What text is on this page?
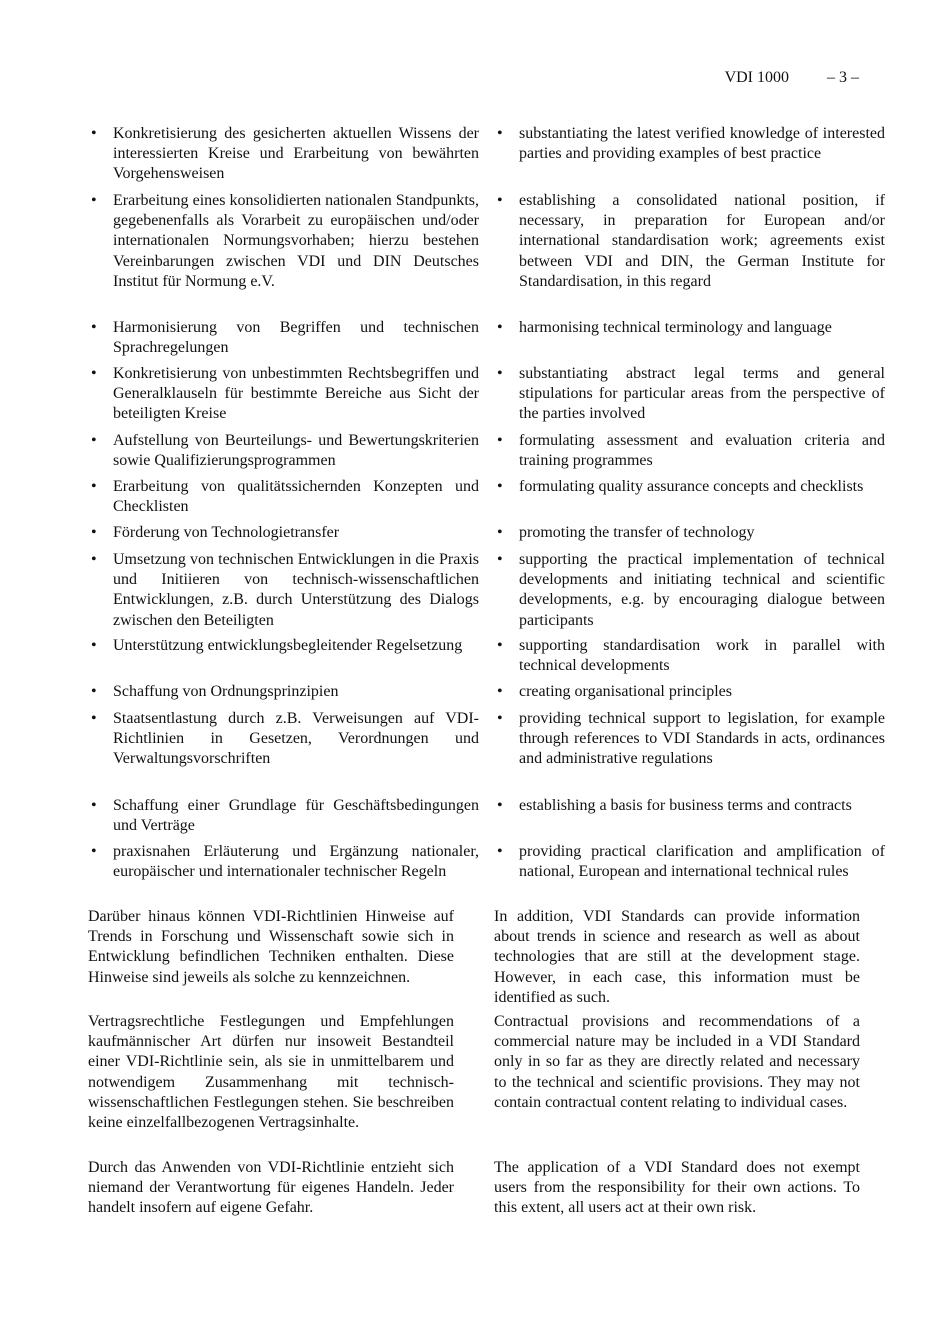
VDI 1000 – 3 –
• Konkretisierung des gesicherten aktuellen Wissens der interessierten Kreise und Erarbeitung von bewährten Vorgehensweisen
• Erarbeitung eines konsolidierten nationalen Standpunkts, gegebenenfalls als Vorarbeit zu europäischen und/oder internationalen Normungsvorhaben; hierzu bestehen Vereinbarungen zwischen VDI und DIN Deutsches Institut für Normung e.V.
• Harmonisierung von Begriffen und technischen Sprachregelungen
• Konkretisierung von unbestimmten Rechtsbegriffen und Generalklauseln für bestimmte Bereiche aus Sicht der beteiligten Kreise
• Aufstellung von Beurteilungs- und Bewertungskriterien sowie Qualifizierungsprogrammen
• Erarbeitung von qualitätssichernden Konzepten und Checklisten
• Förderung von Technologietransfer
• Umsetzung von technischen Entwicklungen in die Praxis und Initiieren von technisch-wissenschaftlichen Entwicklungen, z.B. durch Unterstützung des Dialogs zwischen den Beteiligten
• Unterstützung entwicklungsbegleitender Regelsetzung
• Schaffung von Ordnungsprinzipien
• Staatsentlastung durch z.B. Verweisungen auf VDI-Richtlinien in Gesetzen, Verordnungen und Verwaltungsvorschriften
• Schaffung einer Grundlage für Geschäftsbedingungen und Verträge
• praxisnahen Erläuterung und Ergänzung nationaler, europäischer und internationaler technischer Regeln
Darüber hinaus können VDI-Richtlinien Hinweise auf Trends in Forschung und Wissenschaft sowie sich in Entwicklung befindlichen Techniken enthalten. Diese Hinweise sind jeweils als solche zu kennzeichnen.
Vertragsrechtliche Festlegungen und Empfehlungen kaufmännischer Art dürfen nur insoweit Bestandteil einer VDI-Richtlinie sein, als sie in unmittelbarem und notwendigem Zusammenhang mit technisch-wissenschaftlichen Festlegungen stehen. Sie beschreiben keine einzelfallbezogenen Vertragsinhalte.
Durch das Anwenden von VDI-Richtlinie entzieht sich niemand der Verantwortung für eigenes Handeln. Jeder handelt insofern auf eigene Gefahr.
• substantiating the latest verified knowledge of interested parties and providing examples of best practice
• establishing a consolidated national position, if necessary, in preparation for European and/or international standardisation work; agreements exist between VDI and DIN, the German Institute for Standardisation, in this regard
• harmonising technical terminology and language
• substantiating abstract legal terms and general stipulations for particular areas from the perspective of the parties involved
• formulating assessment and evaluation criteria and training programmes
• formulating quality assurance concepts and checklists
• promoting the transfer of technology
• supporting the practical implementation of technical developments and initiating technical and scientific developments, e.g. by encouraging dialogue between participants
• supporting standardisation work in parallel with technical developments
• creating organisational principles
• providing technical support to legislation, for example through references to VDI Standards in acts, ordinances and administrative regulations
• establishing a basis for business terms and contracts
• providing practical clarification and amplification of national, European and international technical rules
In addition, VDI Standards can provide information about trends in science and research as well as about technologies that are still at the development stage. However, in each case, this information must be identified as such.
Contractual provisions and recommendations of a commercial nature may be included in a VDI Standard only in so far as they are directly related and necessary to the technical and scientific provisions. They may not contain contractual content relating to individual cases.
The application of a VDI Standard does not exempt users from the responsibility for their own actions. To this extent, all users act at their own risk.
